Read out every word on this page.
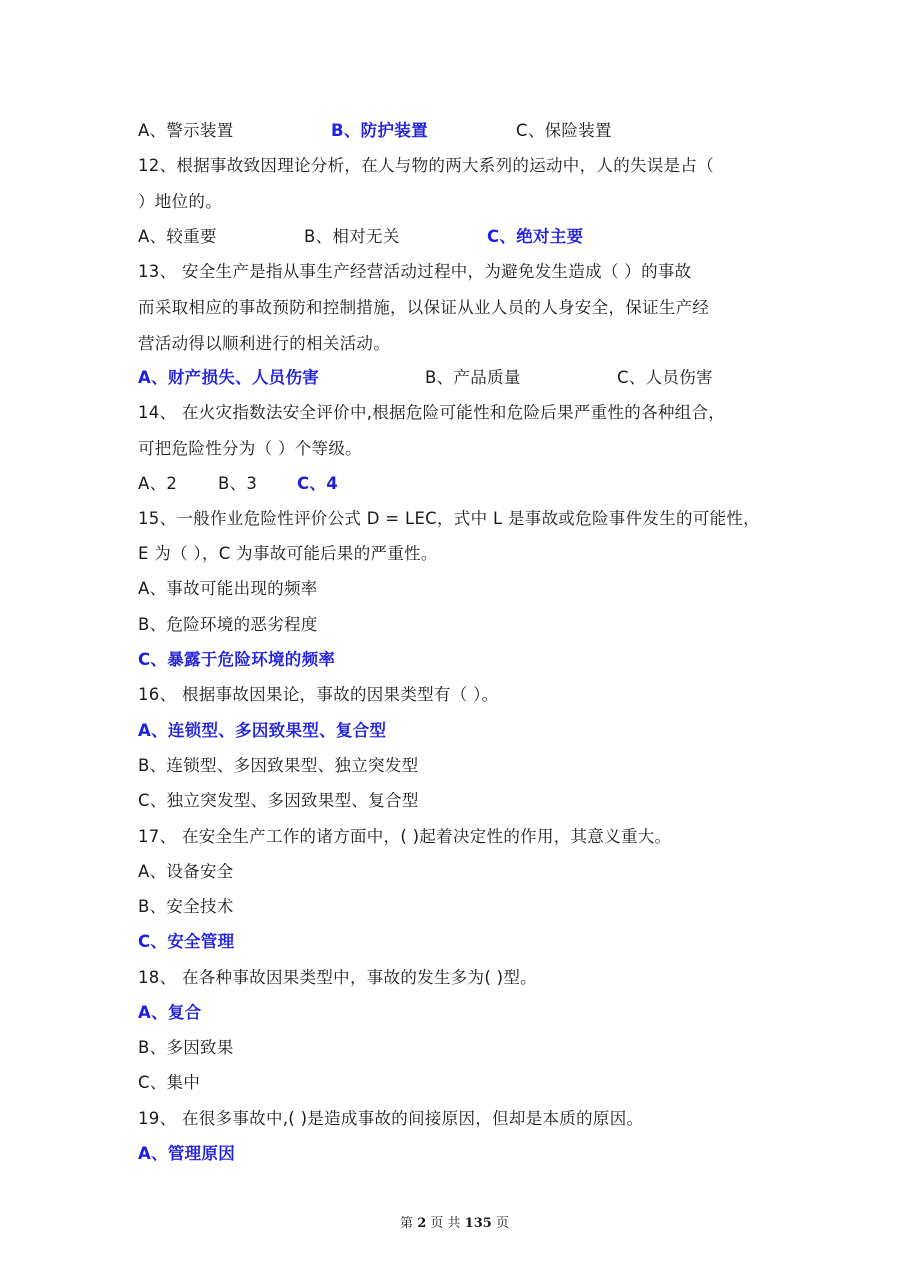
A、警示装置	B、防护装置	C、保险装置
12、根据事故致因理论分析，在人与物的两大系列的运动中，人的失误是占（
）地位的。
A、较重要	B、相对无关	C、绝对主要
13、 安全生产是指从事生产经营活动过程中，为避免发生造成（ ）的事故
而采取相应的事故预防和控制措施，以保证从业人员的人身安全，保证生产经
营活动得以顺利进行的相关活动。
A、财产损失、人员伤害	B、产品质量	C、人员伤害
14、 在火灾指数法安全评价中,根据危险可能性和危险后果严重性的各种组合，
可把危险性分为（ ）个等级。
A、2 B、3 C、4
15、一般作业危险性评价公式 D = LEC，式中 L 是事故或危险事件发生的可能性，
E 为（ ），C 为事故可能后果的严重性。
A、事故可能出现的频率
B、危险环境的恶劣程度
C、暴露于危险环境的频率
16、 根据事故因果论，事故的因果类型有（ ）。
A、连锁型、多因致果型、复合型
B、连锁型、多因致果型、独立突发型
C、独立突发型、多因致果型、复合型
17、 在安全生产工作的诸方面中，( )起着决定性的作用，其意义重大。
A、设备安全
B、安全技术
C、安全管理
18、 在各种事故因果类型中，事故的发生多为( )型。
A、复合
B、多因致果
C、集中
19、 在很多事故中,( )是造成事故的间接原因，但却是本质的原因。
A、管理原因
第 2 页 共 135 页
